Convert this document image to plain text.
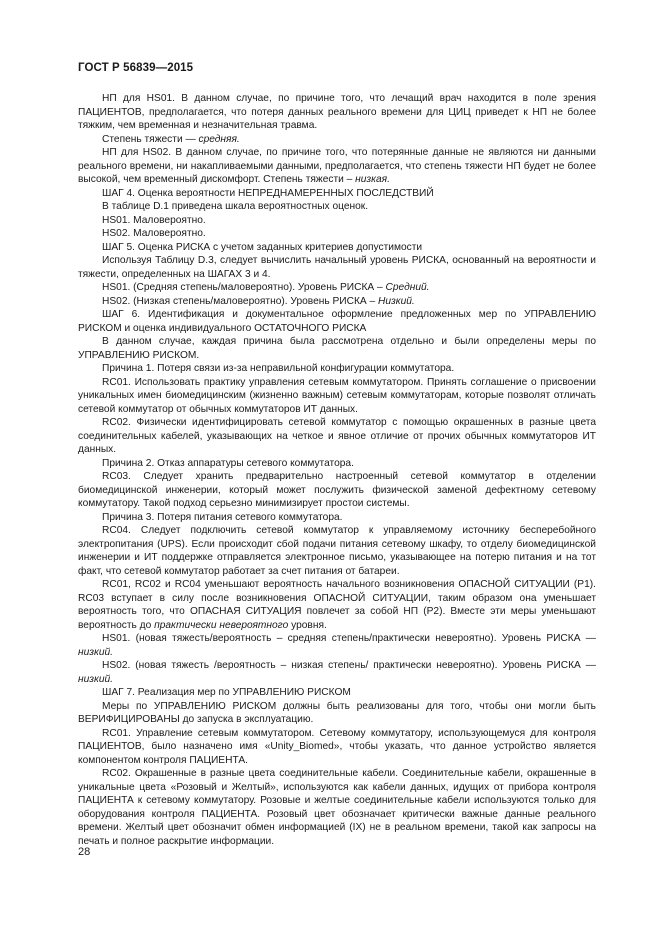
ГОСТ Р 56839—2015

НП для HS01. В данном случае, по причине того, что лечащий врач находится в поле зрения ПАЦИЕНТОВ, предполагается, что потеря данных реального времени для ЦИЦ приведет к НП не более тяжким, чем временная и незначительная травма.

Степень тяжести — средняя.

НП для HS02. В данном случае, по причине того, что потерянные данные не являются ни данными реального времени, ни накапливаемыми данными, предполагается, что степень тяжести НП будет не более высокой, чем временный дискомфорт. Степень тяжести – низкая.

ШАГ 4. Оценка вероятности НЕПРЕДНАМЕРЕННЫХ ПОСЛЕДСТВИЙ

В таблице D.1 приведена шкала вероятностных оценок.

HS01. Маловероятно.

HS02. Маловероятно.

ШАГ 5. Оценка РИСКА с учетом заданных критериев допустимости

Используя Таблицу D.3, следует вычислить начальный уровень РИСКА, основанный на вероятности и тяжести, определенных на ШАГАХ 3 и 4.

HS01. (Средняя степень/маловероятно). Уровень РИСКА – Средний.

HS02. (Низкая степень/маловероятно). Уровень РИСКА – Низкий.

ШАГ 6. Идентификация и документальное оформление предложенных мер по УПРАВЛЕНИЮ РИСКОМ и оценка индивидуального ОСТАТОЧНОГО РИСКА

В данном случае, каждая причина была рассмотрена отдельно и были определены меры по УПРАВЛЕНИЮ РИСКОМ.

Причина 1. Потеря связи из-за неправильной конфигурации коммутатора.

RC01. Использовать практику управления сетевым коммутатором. Принять соглашение о присвоении уникальных имен биомедицинским (жизненно важным) сетевым коммутаторам, которые позволят отличать сетевой коммутатор от обычных коммутаторов ИТ данных.

RC02. Физически идентифицировать сетевой коммутатор с помощью окрашенных в разные цвета соединительных кабелей, указывающих на четкое и явное отличие от прочих обычных коммутаторов ИТ данных.

Причина 2. Отказ аппаратуры сетевого коммутатора.

RC03. Следует хранить предварительно настроенный сетевой коммутатор в отделении биомедицинской инженерии, который может послужить физической заменой дефектному сетевому коммутатору. Такой подход серьезно минимизирует простои системы.

Причина 3. Потеря питания сетевого коммутатора.

RC04. Следует подключить сетевой коммутатор к управляемому источнику бесперебойного электропитания (UPS). Если происходит сбой подачи питания сетевому шкафу, то отделу биомедицинской инженерии и ИТ поддержке отправляется электронное письмо, указывающее на потерю питания и на тот факт, что сетевой коммутатор работает за счет питания от батареи.

RC01, RC02 и RC04 уменьшают вероятность начального возникновения ОПАСНОЙ СИТУАЦИИ (Р1). RC03 вступает в силу после возникновения ОПАСНОЙ СИТУАЦИИ, таким образом она уменьшает вероятность того, что ОПАСНАЯ СИТУАЦИЯ повлечет за собой НП (Р2). Вместе эти меры уменьшают вероятность до практически невероятного уровня.

HS01. (новая тяжесть/вероятность – средняя степень/практически невероятно). Уровень РИСКА — низкий.

HS02. (новая тяжесть /вероятность – низкая степень/ практически невероятно). Уровень РИСКА — низкий.

ШАГ 7. Реализация мер по УПРАВЛЕНИЮ РИСКОМ

Меры по УПРАВЛЕНИЮ РИСКОМ должны быть реализованы для того, чтобы они могли быть ВЕРИФИЦИРОВАНЫ до запуска в эксплуатацию.

RC01. Управление сетевым коммутатором. Сетевому коммутатору, использующемуся для контроля ПАЦИЕНТОВ, было назначено имя «Unity_Biomed», чтобы указать, что данное устройство является компонентом контроля ПАЦИЕНТА.

RC02. Окрашенные в разные цвета соединительные кабели. Соединительные кабели, окрашенные в уникальные цвета «Розовый и Желтый», используются как кабели данных, идущих от прибора контроля ПАЦИЕНТА к сетевому коммутатору. Розовые и желтые соединительные кабели используются только для оборудования контроля ПАЦИЕНТА. Розовый цвет обозначает критически важные данные реального времени. Желтый цвет обозначит обмен информацией (IX) не в реальном времени, такой как запросы на печать и полное раскрытие информации.

28
